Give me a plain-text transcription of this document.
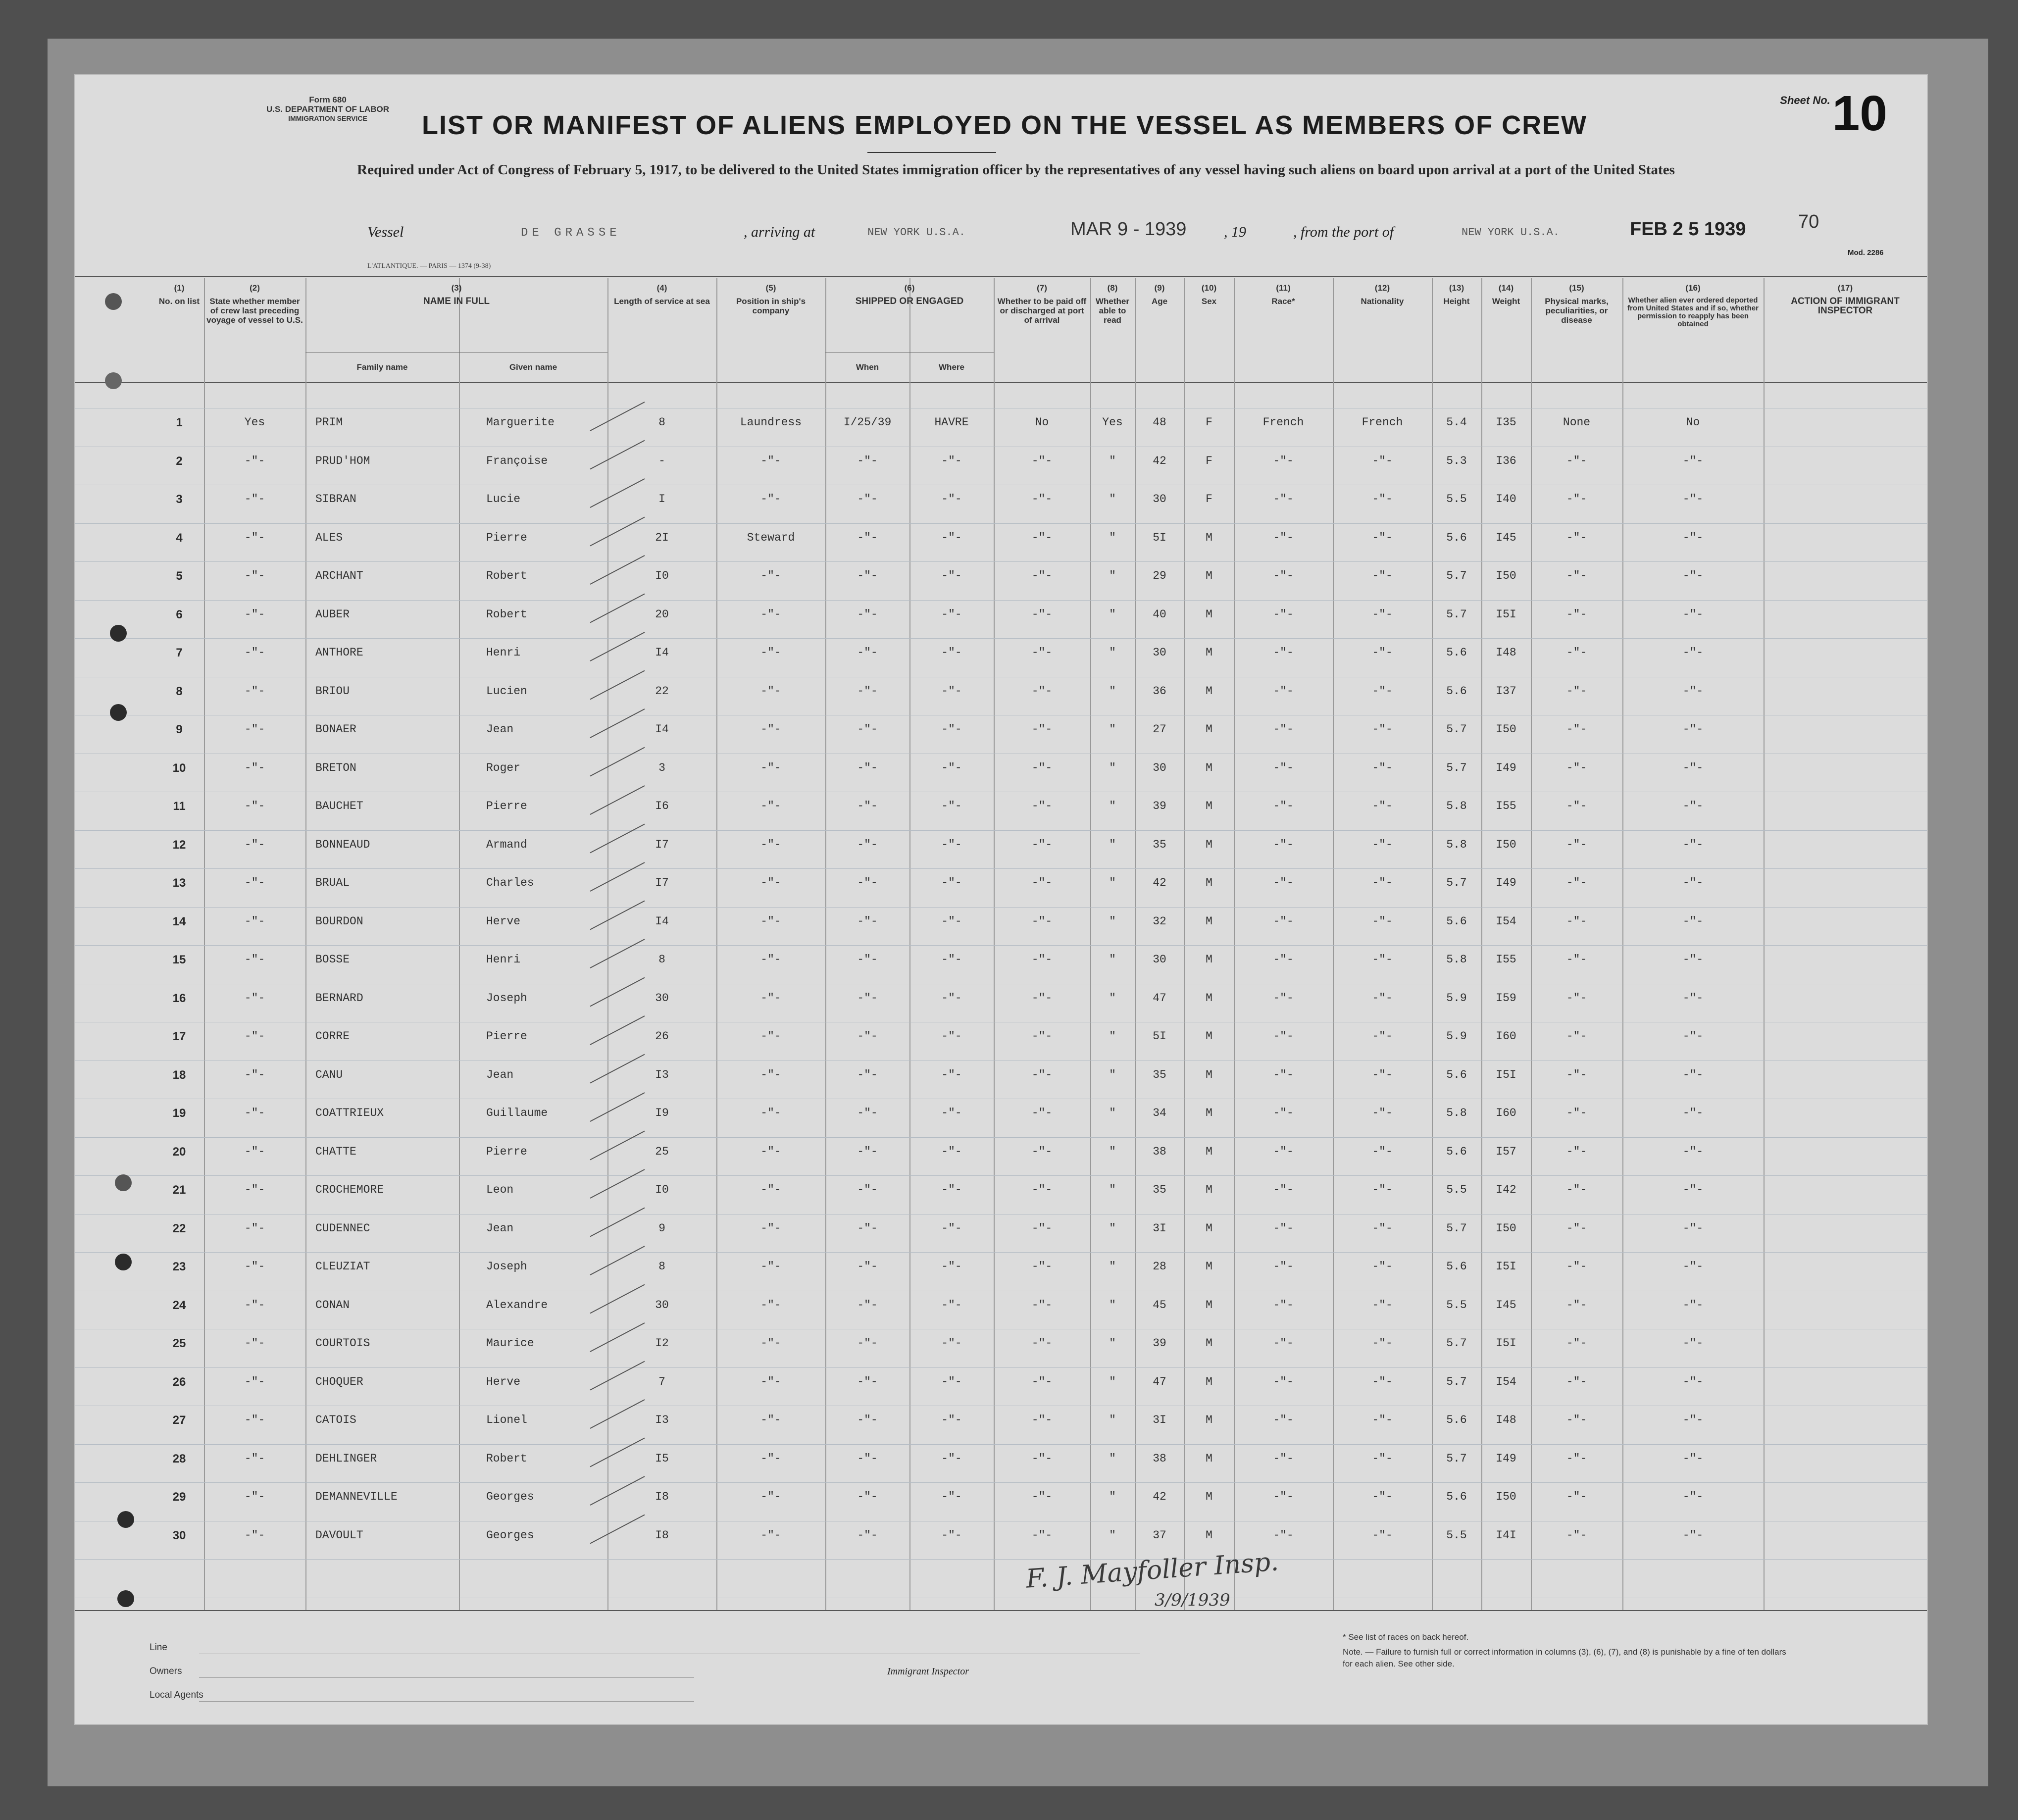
Form 680
U.S. DEPARTMENT OF LABOR
IMMIGRATION SERVICE
Sheet No. 10
LIST OR MANIFEST OF ALIENS EMPLOYED ON THE VESSEL AS MEMBERS OF CREW
Required under Act of Congress of February 5, 1917, to be delivered to the United States immigration officer by the representatives of any vessel having such aliens on board upon arrival at a port of the United States
Vessel	DE GRASSE	, arriving at	NEW YORK U.S.A.	MAR 9 - 1939	, 19	, from the port of	NEW YORK U.S.A.	FEB 2 5 1939	70
L'ATLANTIQUE. — PARIS — 1374 (9-38)
Mod. 2286
(1)
No. on list
(2)
State whether member of crew last preceding voyage of vessel to U.S.
(3)
NAME IN FULL
(4)
Length of service at sea
(5)
Position in ship's company
(6)
SHIPPED OR ENGAGED
(7)
Whether to be paid off or discharged at port of arrival
(8)
Whether able to read
(9)
Age
(10)
Sex
(11)
Race*
(12)
Nationality
(13)
Height
(14)
Weight
(15)
Physical marks, peculiarities, or disease
(16)
Whether alien ever ordered deported from United States and if so, whether permission to reapply has been obtained
(17)
ACTION OF IMMIGRANT INSPECTOR
Family name	Given name	When	Where
1	Yes	PRIM	Marguerite	8	Laundress	I/25/39	HAVRE	No	Yes	48	F	French	French	5.4	I35	None	No
2	-"-	PRUD'HOM	Françoise	-	-"-	-"-	-"-	-"-	"	42	F	-"-	-"-	5.3	I36	-"-	-"-
3	-"-	SIBRAN	Lucie	I	-"-	-"-	-"-	-"-	"	30	F	-"-	-"-	5.5	I40	-"-	-"-
4	-"-	ALES	Pierre	2I	Steward	-"-	-"-	-"-	"	5I	M	-"-	-"-	5.6	I45	-"-	-"-
5	-"-	ARCHANT	Robert	I0	-"-	-"-	-"-	-"-	"	29	M	-"-	-"-	5.7	I50	-"-	-"-
6	-"-	AUBER	Robert	20	-"-	-"-	-"-	-"-	"	40	M	-"-	-"-	5.7	I5I	-"-	-"-
7	-"-	ANTHORE	Henri	I4	-"-	-"-	-"-	-"-	"	30	M	-"-	-"-	5.6	I48	-"-	-"-
8	-"-	BRIOU	Lucien	22	-"-	-"-	-"-	-"-	"	36	M	-"-	-"-	5.6	I37	-"-	-"-
9	-"-	BONAER	Jean	I4	-"-	-"-	-"-	-"-	"	27	M	-"-	-"-	5.7	I50	-"-	-"-
10	-"-	BRETON	Roger	3	-"-	-"-	-"-	-"-	"	30	M	-"-	-"-	5.7	I49	-"-	-"-
11	-"-	BAUCHET	Pierre	I6	-"-	-"-	-"-	-"-	"	39	M	-"-	-"-	5.8	I55	-"-	-"-
12	-"-	BONNEAUD	Armand	I7	-"-	-"-	-"-	-"-	"	35	M	-"-	-"-	5.8	I50	-"-	-"-
13	-"-	BRUAL	Charles	I7	-"-	-"-	-"-	-"-	"	42	M	-"-	-"-	5.7	I49	-"-	-"-
14	-"-	BOURDON	Herve	I4	-"-	-"-	-"-	-"-	"	32	M	-"-	-"-	5.6	I54	-"-	-"-
15	-"-	BOSSE	Henri	8	-"-	-"-	-"-	-"-	"	30	M	-"-	-"-	5.8	I55	-"-	-"-
16	-"-	BERNARD	Joseph	30	-"-	-"-	-"-	-"-	"	47	M	-"-	-"-	5.9	I59	-"-	-"-
17	-"-	CORRE	Pierre	26	-"-	-"-	-"-	-"-	"	5I	M	-"-	-"-	5.9	I60	-"-	-"-
18	-"-	CANU	Jean	I3	-"-	-"-	-"-	-"-	"	35	M	-"-	-"-	5.6	I5I	-"-	-"-
19	-"-	COATTRIEUX	Guillaume	I9	-"-	-"-	-"-	-"-	"	34	M	-"-	-"-	5.8	I60	-"-	-"-
20	-"-	CHATTE	Pierre	25	-"-	-"-	-"-	-"-	"	38	M	-"-	-"-	5.6	I57	-"-	-"-
21	-"-	CROCHEMORE	Leon	I0	-"-	-"-	-"-	-"-	"	35	M	-"-	-"-	5.5	I42	-"-	-"-
22	-"-	CUDENNEC	Jean	9	-"-	-"-	-"-	-"-	"	3I	M	-"-	-"-	5.7	I50	-"-	-"-
23	-"-	CLEUZIAT	Joseph	8	-"-	-"-	-"-	-"-	"	28	M	-"-	-"-	5.6	I5I	-"-	-"-
24	-"-	CONAN	Alexandre	30	-"-	-"-	-"-	-"-	"	45	M	-"-	-"-	5.5	I45	-"-	-"-
25	-"-	COURTOIS	Maurice	I2	-"-	-"-	-"-	-"-	"	39	M	-"-	-"-	5.7	I5I	-"-	-"-
26	-"-	CHOQUER	Herve	7	-"-	-"-	-"-	-"-	"	47	M	-"-	-"-	5.7	I54	-"-	-"-
27	-"-	CATOIS	Lionel	I3	-"-	-"-	-"-	-"-	"	3I	M	-"-	-"-	5.6	I48	-"-	-"-
28	-"-	DEHLINGER	Robert	I5	-"-	-"-	-"-	-"-	"	38	M	-"-	-"-	5.7	I49	-"-	-"-
29	-"-	DEMANNEVILLE	Georges	I8	-"-	-"-	-"-	-"-	"	42	M	-"-	-"-	5.6	I50	-"-	-"-
30	-"-	DAVOULT	Georges	I8	-"-	-"-	-"-	-"-	"	37	M	-"-	-"-	5.5	I4I	-"-	-"-
F. J. Mayfoller Insp.
3/9/1939
Line
Owners
Local Agents
Immigrant Inspector
* See list of races on back hereof.
Note. — Failure to furnish full or correct information in columns (3), (6), (7), and (8) is punishable by a fine of ten dollars for each alien. See other side.
